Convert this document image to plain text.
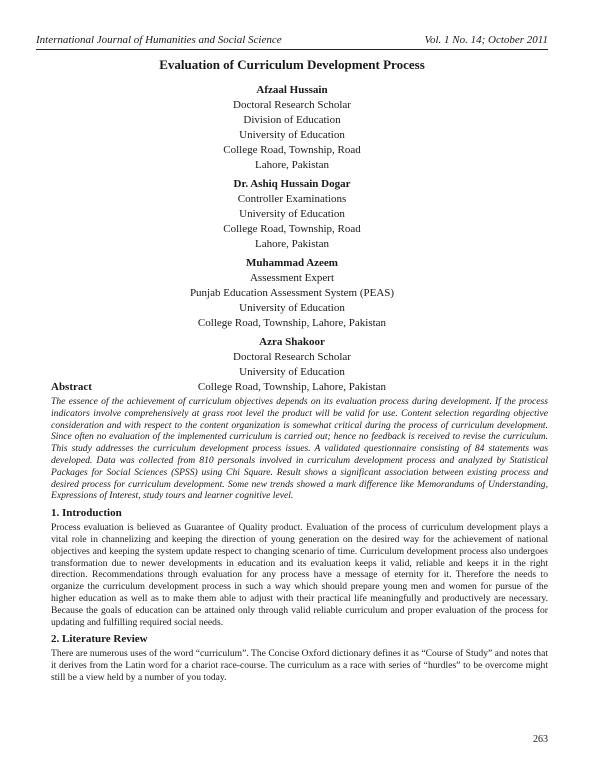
International Journal of Humanities and Social Science	Vol. 1 No. 14; October 2011
Evaluation of Curriculum Development Process
Afzaal Hussain
Doctoral Research Scholar
Division of Education
University of Education
College Road, Township, Road
Lahore, Pakistan
Dr. Ashiq Hussain Dogar
Controller Examinations
University of Education
College Road, Township, Road
Lahore, Pakistan
Muhammad Azeem
Assessment Expert
Punjab Education Assessment System (PEAS)
University of Education
College Road, Township, Lahore, Pakistan
Azra Shakoor
Doctoral Research Scholar
University of Education
College Road, Township, Lahore, Pakistan
Abstract

The essence of the achievement of curriculum objectives depends on its evaluation process during development. If the process indicators involve comprehensively at grass root level the product will be valid for use. Content selection regarding objective consideration and with respect to the content organization is somewhat critical during the process of curriculum development. Since often no evaluation of the implemented curriculum is carried out; hence no feedback is received to revise the curriculum. This study addresses the curriculum development process issues. A validated questionnaire consisting of 84 statements was developed. Data was collected from 810 personals involved in curriculum development process and analyzed by Statistical Packages for Social Sciences (SPSS) using Chi Square. Result shows a significant association between existing process and desired process for curriculum development. Some new trends showed a mark difference like Memorandums of Understanding, Expressions of Interest, study tours and learner cognitive level.

1. Introduction

Process evaluation is believed as Guarantee of Quality product. Evaluation of the process of curriculum development plays a vital role in channelizing and keeping the direction of young generation on the desired way for the achievement of national objectives and keeping the system update respect to changing scenario of time. Curriculum development process also undergoes transformation due to newer developments in education and its evaluation keeps it valid, reliable and keeps it in the right direction. Recommendations through evaluation for any process have a message of eternity for it. Therefore the needs to organize the curriculum development process in such a way which should prepare young men and women for pursue of the higher education as well as to make them able to adjust with their practical life meaningfully and productively are necessary. Because the goals of education can be attained only through valid reliable curriculum and proper evaluation of the process for updating and fulfilling required social needs.

2. Literature Review

There are numerous uses of the word “curriculum”. The Concise Oxford dictionary defines it as “Course of Study” and notes that it derives from the Latin word for a chariot race-course. The curriculum as a race with series of “hurdles” to be overcome might still be a view held by a number of you today.

263
